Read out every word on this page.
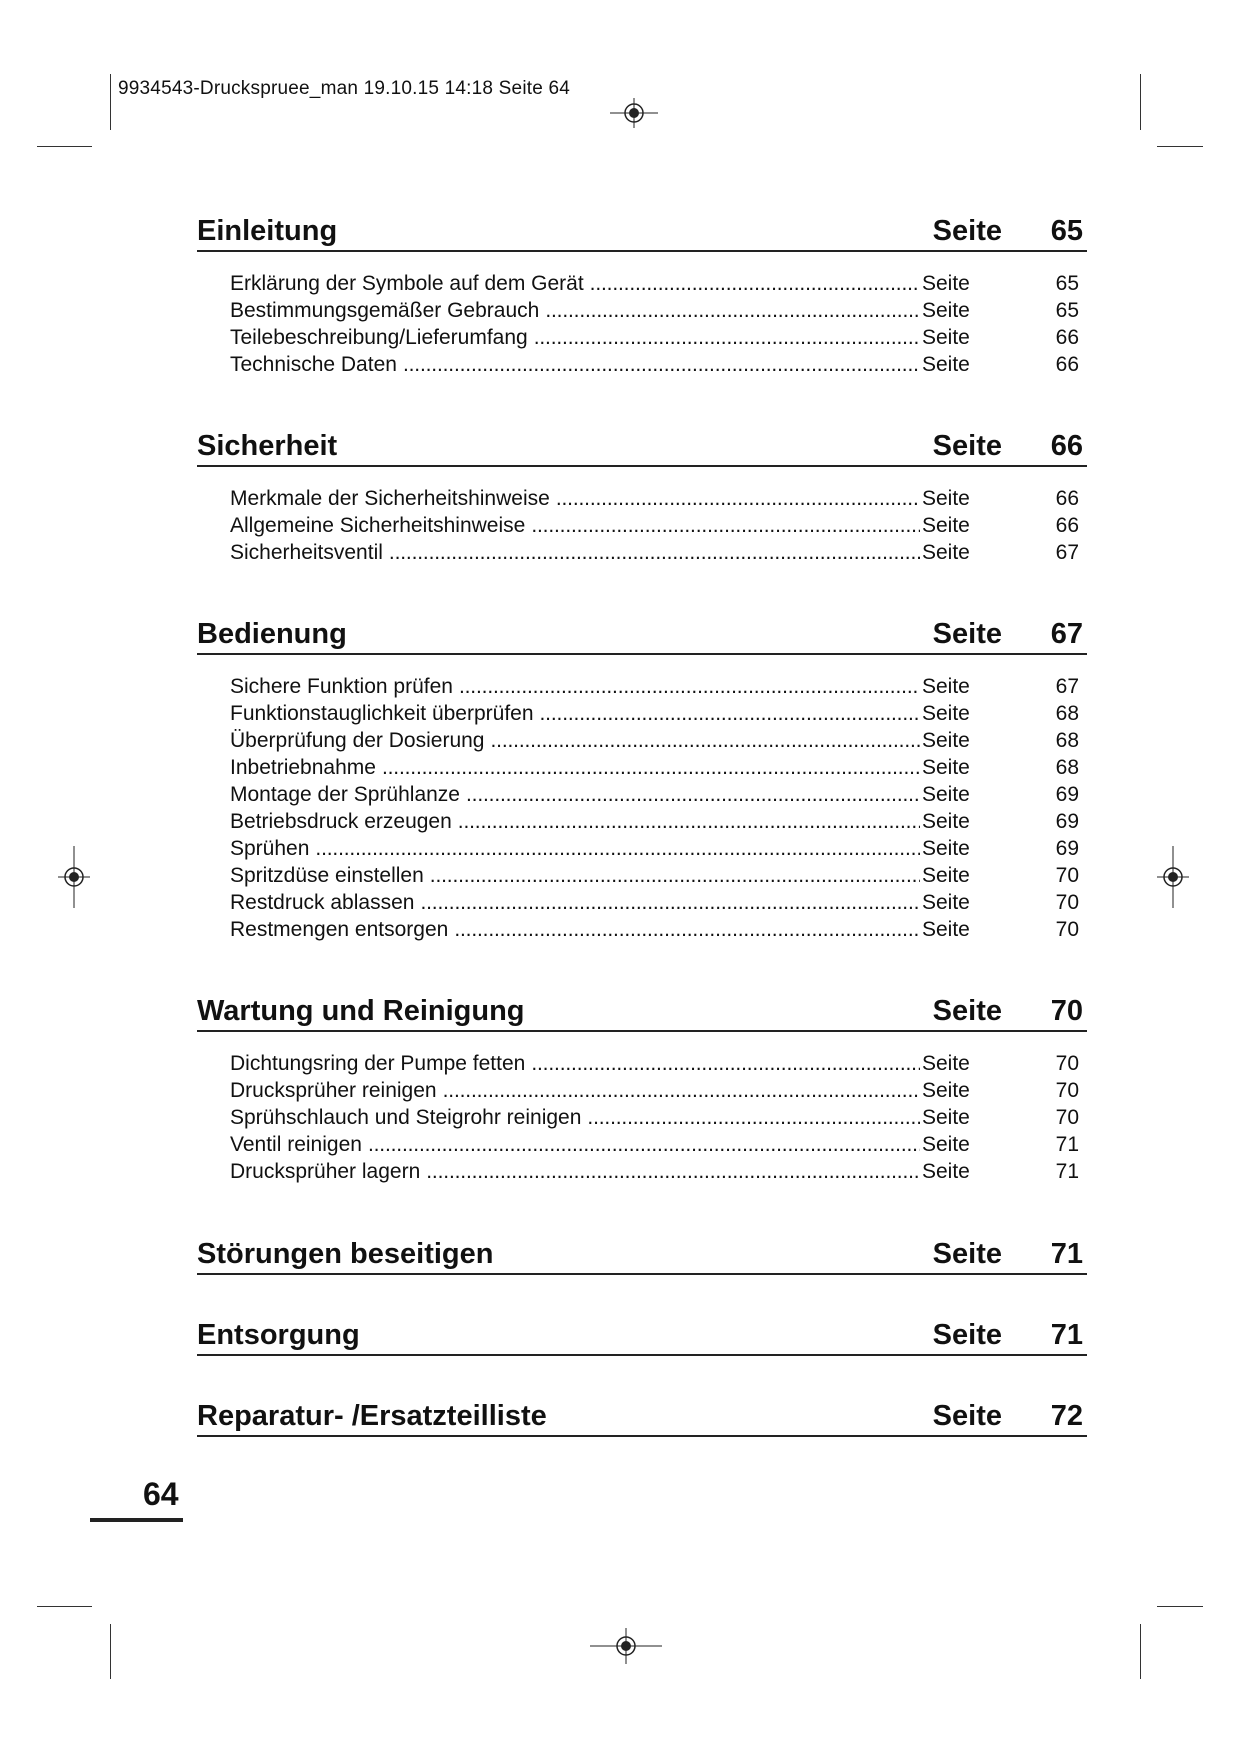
9934543-Druckspruee_man 19.10.15 14:18 Seite 64
Einleitung	Seite 65
Erklärung der Symbole auf dem Gerät . . .	Seite	65
Bestimmungsgemäßer Gebrauch . . .	Seite	65
Teilebeschreibung/Lieferumfang . . .	Seite	66
Technische Daten . . .	Seite	66
Sicherheit	Seite 66
Merkmale der Sicherheitshinweise . . .	Seite	66
Allgemeine Sicherheitshinweise . . .	Seite	66
Sicherheitsventil . . .	Seite	67
Bedienung	Seite 67
Sichere Funktion prüfen . . .	Seite	67
Funktionstauglichkeit überprüfen . . .	Seite	68
Überprüfung der Dosierung . . .	Seite	68
Inbetriebnahme . . .	Seite	68
Montage der Sprühlanze . . .	Seite	69
Betriebsdruck erzeugen . . .	Seite	69
Sprühen . . .	Seite	69
Spritzdüse einstellen . . .	Seite	70
Restdruck ablassen . . .	Seite	70
Restmengen entsorgen . . .	Seite	70
Wartung und Reinigung	Seite 70
Dichtungsring der Pumpe fetten . . .	Seite	70
Drucksprüher reinigen . . .	Seite	70
Sprühschlauch und Steigrohr reinigen . . .	Seite	70
Ventil reinigen . . .	Seite	71
Drucksprüher lagern . . .	Seite	71
Störungen beseitigen	Seite 71
Entsorgung	Seite 71
Reparatur- /Ersatzteilliste	Seite 72
64
